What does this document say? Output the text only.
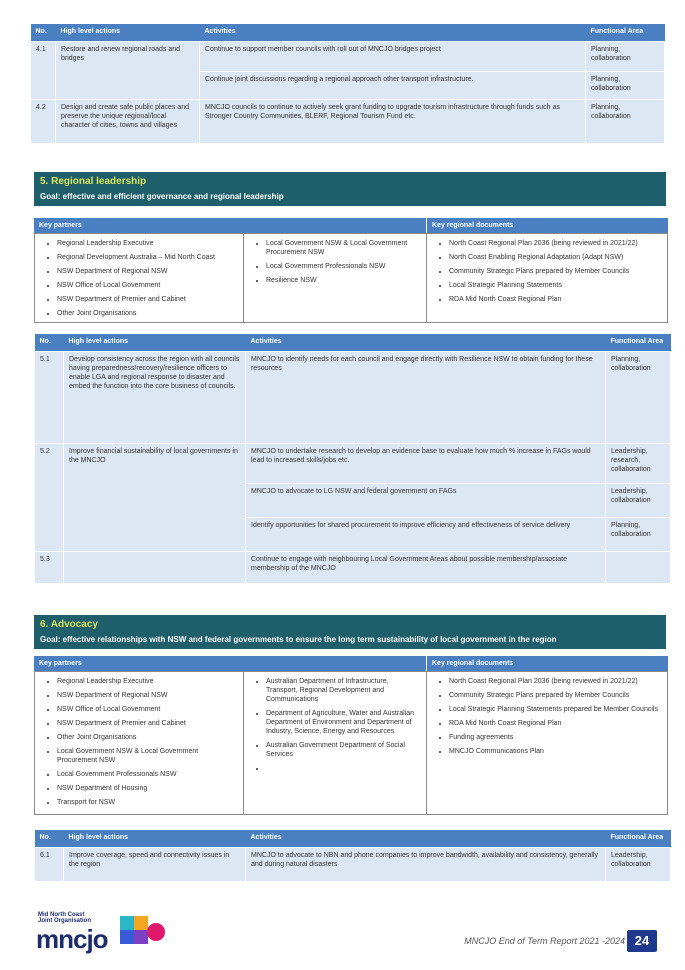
No.	High level actions	Activities	Functional Area
4.1	Restore and renew regional roads and bridges	Continue to support member councils with roll out of MNCJO bridges project	Planning, collaboration
		Continue joint discussions regarding a regional approach other transport infrastructure.	Planning, collaboration
4.2	Design and create safe public places and preserve the unique regional/local character of cities, towns and villages	MNCJO councils to continue to actively seek grant funding to upgrade tourism infrastructure through funds such as Stronger Country Communities, BLERF, Regional Tourism Fund etc.	Planning, collaboration
5. Regional leadership
Goal: effective and efficient governance and regional leadership
Key partners	Key regional documents
• Regional Leadership Executive
• Regional Development Australia – Mid North Coast
• NSW Department of Regional NSW
• NSW Office of Local Government
• NSW Department of Premier and Cabinet
• Other Joint Organisations
• Local Government NSW & Local Government Procurement NSW
• Local Government Professionals NSW
• Resilience NSW
• North Coast Regional Plan 2036 (being reviewed in 2021/22)
• North Coast Enabling Regional Adaptation (Adapt NSW)
• Community Strategic Plans prepared by Member Councils
• Local Strategic Planning Statements
• RDA Mid North Coast Regional Plan
No.	High level actions	Activities	Functional Area
5.1	Develop consistency across the region with all councils having preparedness/recovery/resilience officers to enable LGA and regional response to disaster and embed the function into the core business of councils.	MNCJO to identify needs for each council and engage directly with Resilience NSW to obtain funding for these resources	Planning, collaboration
5.2	Improve financial sustainability of local governments in the MNCJO	MNCJO to undertake research to develop an evidence base to evaluate how much % increase in FAGs would lead to increased skills/jobs etc.	Leadership, research, collaboration
		MNCJO to advocate to LG NSW and federal government on FAGs	Leadership, collaboration
		Identify opportunities for shared procurement to improve efficiency and effectiveness of service delivery	Planning, collaboration
5.3		Continue to engage with neighbouring Local Government Areas about possible membership/associate membership of the MNCJO	
6. Advocacy
Goal: effective relationships with NSW and federal governments to ensure the long term sustainability of local government in the region
Key partners	Key regional documents
• Regional Leadership Executive
• NSW Department of Regional NSW
• NSW Office of Local Government
• NSW Department of Premier and Cabinet
• Other Joint Organisations
• Local Government NSW & Local Government Procurement NSW
• Local Government Professionals NSW
• NSW Department of Housing
• Transport for NSW
• Australian Department of Infrastructure, Transport, Regional Development and Communications
• Department of Agriculture, Water and Australian Department of Environment and Department of Industry, Science, Energy and Resources
• Australian Government Department of Social Services
•
• North Coast Regional Plan 2036 (being reviewed in 2021/22)
• Community Strategic Plans prepared by Member Councils
• Local Strategic Planning Statements prepared be Member Councils
• RDA Mid North Coast Regional Plan
• Funding agreements
• MNCJO Communications Plan
No.	High level actions	Activities	Functional Area
6.1	Improve coverage, speed and connectivity issues in the region	MNCJO to advocate to NBN and phone companies to improve bandwidth, availability and consistency, generally and during natural disasters	Leadership, collaboration
Mid North Coast Joint Organisation
mncjo	MNCJO End of Term Report 2021 -2024 24
